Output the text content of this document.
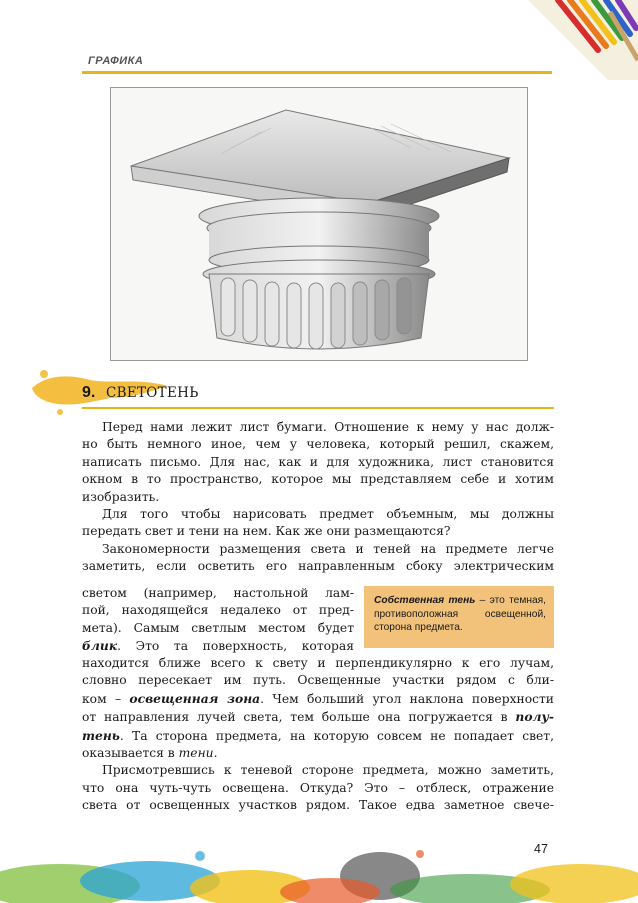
ГРАФИКА
9. СВЕТОТЕНЬ
Перед нами лежит лист бумаги. Отношение к нему у нас долж-
но быть немного иное, чем у человека, который решил, скажем,
написать письмо. Для нас, как и для художника, лист становится
окном в то пространство, которое мы представляем себе и хотим
изобразить.
Для того чтобы нарисовать предмет объемным, мы должны
передать свет и тени на нем. Как же они размещаются?
Закономерности размещения света и теней на предмете легче
заметить, если осветить его направленным сбоку электрическим
светом (например, настольной лам-
пой, находящейся недалеко от пред-
мета). Самым светлым местом будет
блик. Это та поверхность, которая
Собственная тень – это темная,
противоположная освещенной,
сторона предмета.
находится ближе всего к свету и перпендикулярно к его лучам,
словно пересекает им путь. Освещенные участки рядом с бли-
ком – освещенная зона. Чем больший угол наклона поверхности
от направления лучей света, тем больше она погружается в полу-
тень. Та сторона предмета, на которую совсем не попадает свет,
оказывается в тени.
Присмотревшись к теневой стороне предмета, можно заметить,
что она чуть-чуть освещена. Откуда? Это – отблеск, отражение
света от освещенных участков рядом. Такое едва заметное свече-
47
